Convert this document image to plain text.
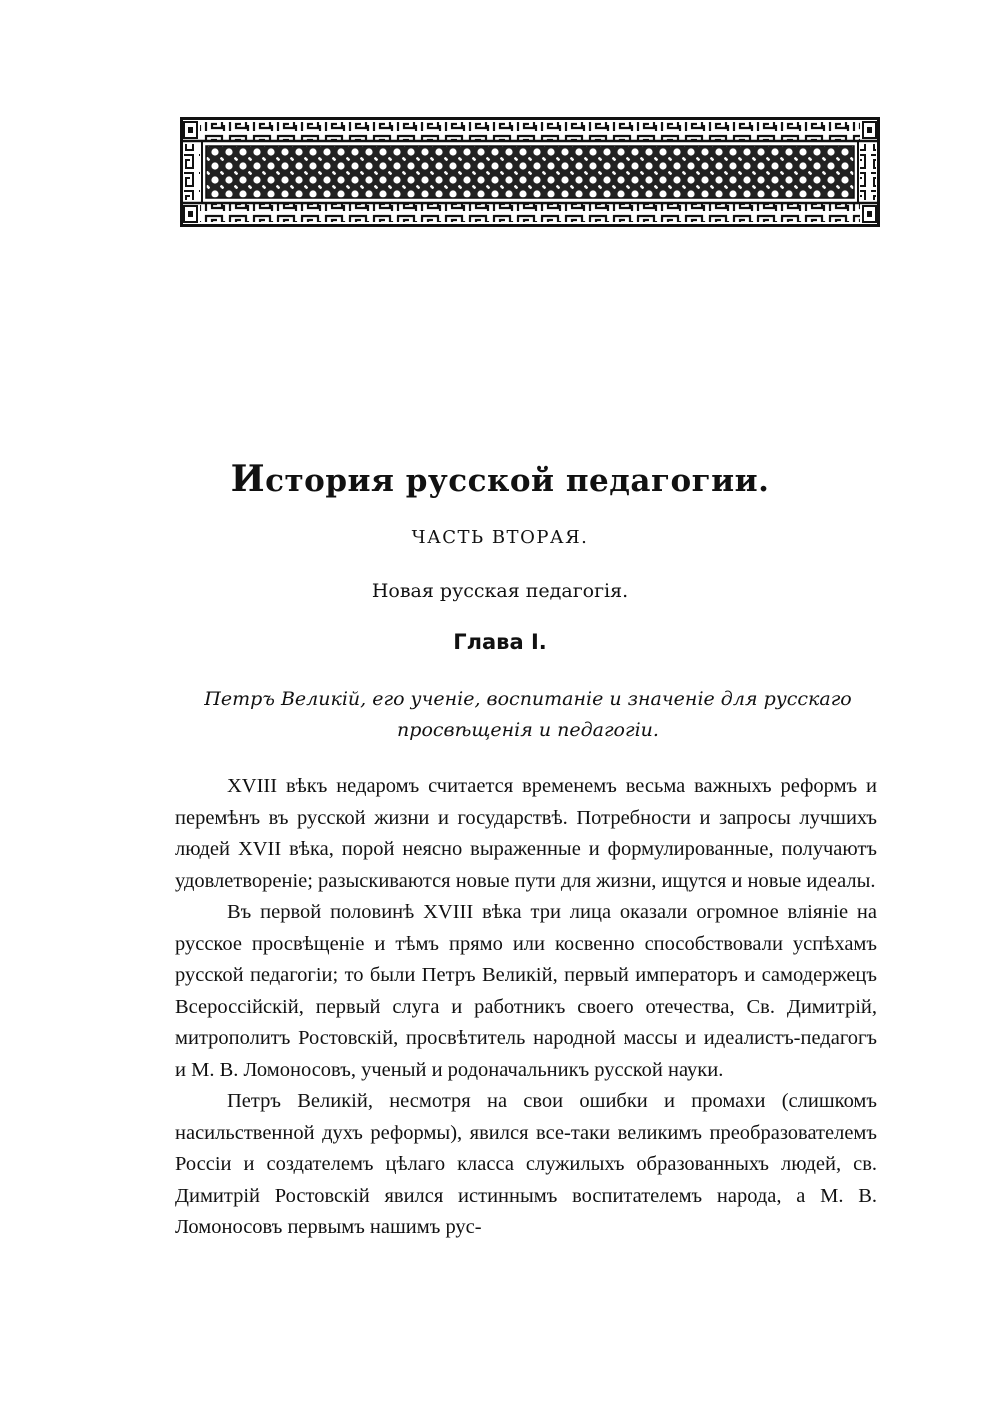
История русской педагогии.
ЧАСТЬ ВТОРАЯ.
Новая русская педагогія.
Глава I.
Петръ Великій, его ученіе, воспитаніе и значеніе для русскаго просвѣщенія и педагогіи.

XVIII вѣкъ недаромъ считается временемъ весьма важныхъ реформъ и перемѣнъ въ русской жизни и государствѣ. Потребности и запросы лучшихъ людей XVII вѣка, порой неясно выраженные и формулированные, получаютъ удовлетвореніе; разыскиваются новые пути для жизни, ищутся и новые идеалы.

Въ первой половинѣ XVIII вѣка три лица оказали огромное вліяніе на русское просвѣщеніе и тѣмъ прямо или косвенно способствовали успѣхамъ русской педагогіи; то были Петръ Великій, первый императоръ и самодержецъ Всероссійскій, первый слуга и работникъ своего отечества, Св. Димитрій, митрополитъ Ростовскій, просвѣтитель народной массы и идеалистъ-педагогъ и М. В. Ломоносовъ, ученый и родоначальникъ русской науки.

Петръ Великій, несмотря на свои ошибки и промахи (слишкомъ насильственной духъ реформы), явился все-таки великимъ преобразователемъ Россіи и создателемъ цѣлаго класса служилыхъ образованныхъ людей, св. Димитрій Ростовскій явился истиннымъ воспитателемъ народа, а М. В. Ломоносовъ первымъ нашимъ рус-
